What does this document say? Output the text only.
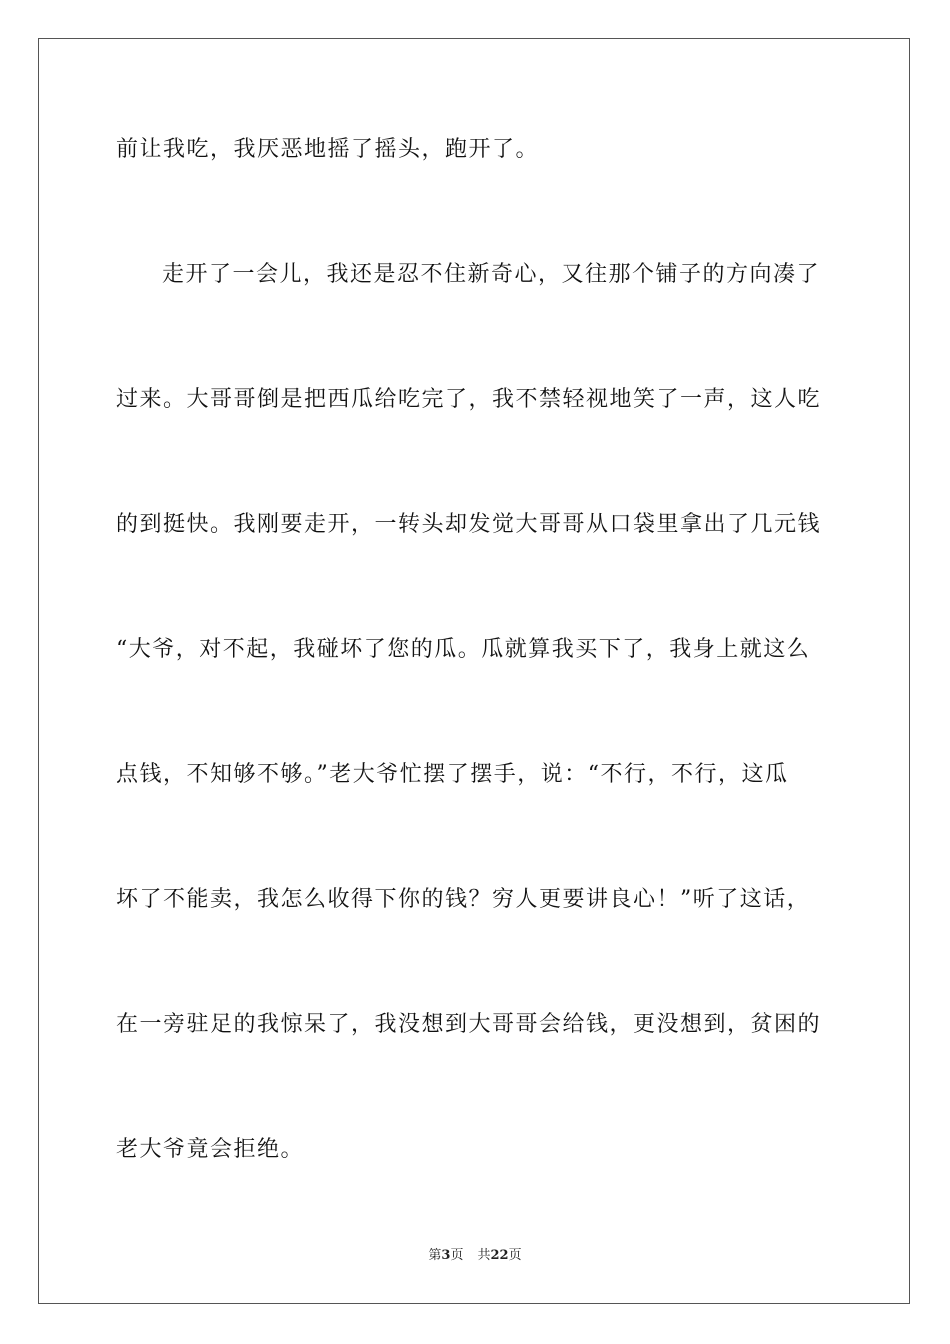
前让我吃，我厌恶地摇了摇头，跑开了。
走开了一会儿，我还是忍不住新奇心，又往那个铺子的方向凑了
过来。大哥哥倒是把西瓜给吃完了，我不禁轻视地笑了一声，这人吃
的到挺快。我刚要走开，一转头却发觉大哥哥从口袋里拿出了几元钱
“大爷，对不起，我碰坏了您的瓜。瓜就算我买下了，我身上就这么
点钱，不知够不够。”老大爷忙摆了摆手，说：“不行，不行，这瓜
坏了不能卖，我怎么收得下你的钱？穷人更要讲良心！”听了这话，
在一旁驻足的我惊呆了，我没想到大哥哥会给钱，更没想到，贫困的
老大爷竟会拒绝。
第3页 共22页
